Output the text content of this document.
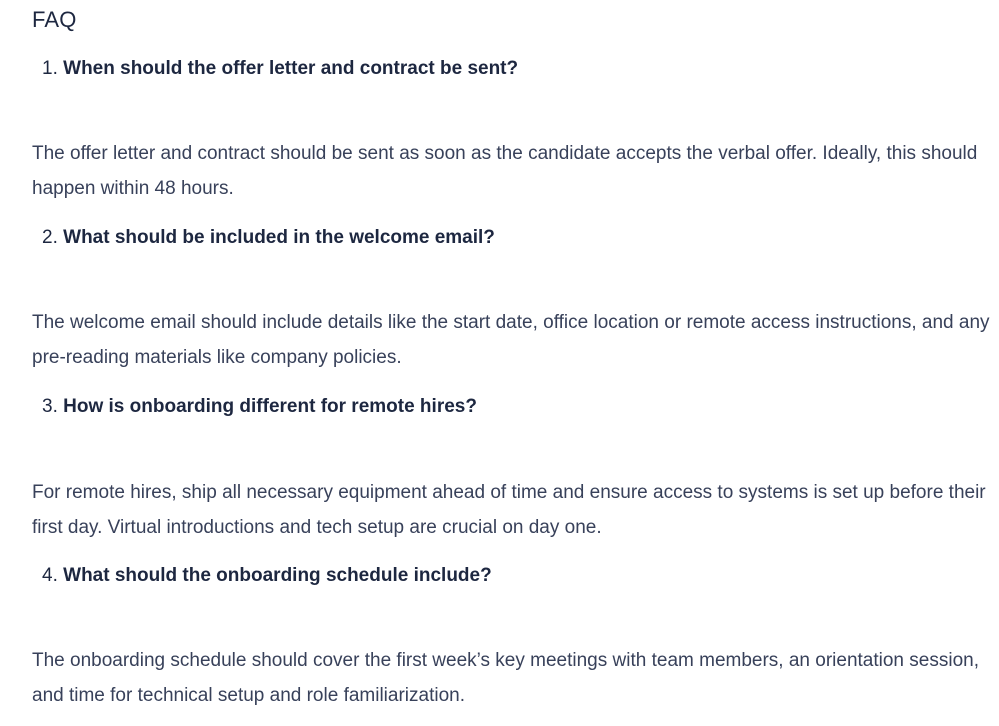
FAQ

1. When should the offer letter and contract be sent?

The offer letter and contract should be sent as soon as the candidate accepts the verbal offer. Ideally, this should happen within 48 hours.

2. What should be included in the welcome email?

The welcome email should include details like the start date, office location or remote access instructions, and any pre-reading materials like company policies.

3. How is onboarding different for remote hires?

For remote hires, ship all necessary equipment ahead of time and ensure access to systems is set up before their first day. Virtual introductions and tech setup are crucial on day one.

4. What should the onboarding schedule include?

The onboarding schedule should cover the first week’s key meetings with team members, an orientation session, and time for technical setup and role familiarization.
